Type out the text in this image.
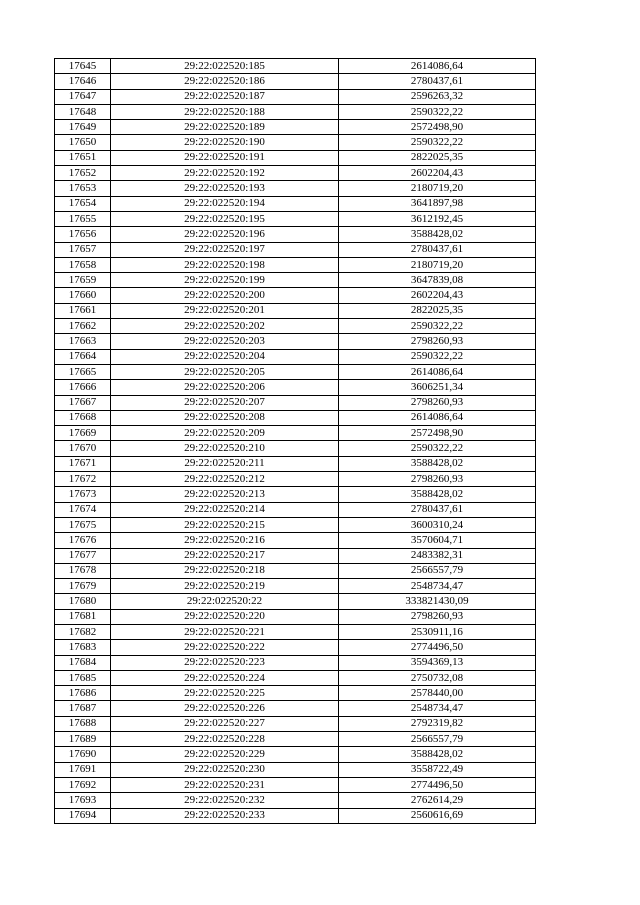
17645	29:22:022520:185	2614086,64
17646	29:22:022520:186	2780437,61
17647	29:22:022520:187	2596263,32
17648	29:22:022520:188	2590322,22
17649	29:22:022520:189	2572498,90
17650	29:22:022520:190	2590322,22
17651	29:22:022520:191	2822025,35
17652	29:22:022520:192	2602204,43
17653	29:22:022520:193	2180719,20
17654	29:22:022520:194	3641897,98
17655	29:22:022520:195	3612192,45
17656	29:22:022520:196	3588428,02
17657	29:22:022520:197	2780437,61
17658	29:22:022520:198	2180719,20
17659	29:22:022520:199	3647839,08
17660	29:22:022520:200	2602204,43
17661	29:22:022520:201	2822025,35
17662	29:22:022520:202	2590322,22
17663	29:22:022520:203	2798260,93
17664	29:22:022520:204	2590322,22
17665	29:22:022520:205	2614086,64
17666	29:22:022520:206	3606251,34
17667	29:22:022520:207	2798260,93
17668	29:22:022520:208	2614086,64
17669	29:22:022520:209	2572498,90
17670	29:22:022520:210	2590322,22
17671	29:22:022520:211	3588428,02
17672	29:22:022520:212	2798260,93
17673	29:22:022520:213	3588428,02
17674	29:22:022520:214	2780437,61
17675	29:22:022520:215	3600310,24
17676	29:22:022520:216	3570604,71
17677	29:22:022520:217	2483382,31
17678	29:22:022520:218	2566557,79
17679	29:22:022520:219	2548734,47
17680	29:22:022520:22	333821430,09
17681	29:22:022520:220	2798260,93
17682	29:22:022520:221	2530911,16
17683	29:22:022520:222	2774496,50
17684	29:22:022520:223	3594369,13
17685	29:22:022520:224	2750732,08
17686	29:22:022520:225	2578440,00
17687	29:22:022520:226	2548734,47
17688	29:22:022520:227	2792319,82
17689	29:22:022520:228	2566557,79
17690	29:22:022520:229	3588428,02
17691	29:22:022520:230	3558722,49
17692	29:22:022520:231	2774496,50
17693	29:22:022520:232	2762614,29
17694	29:22:022520:233	2560616,69
